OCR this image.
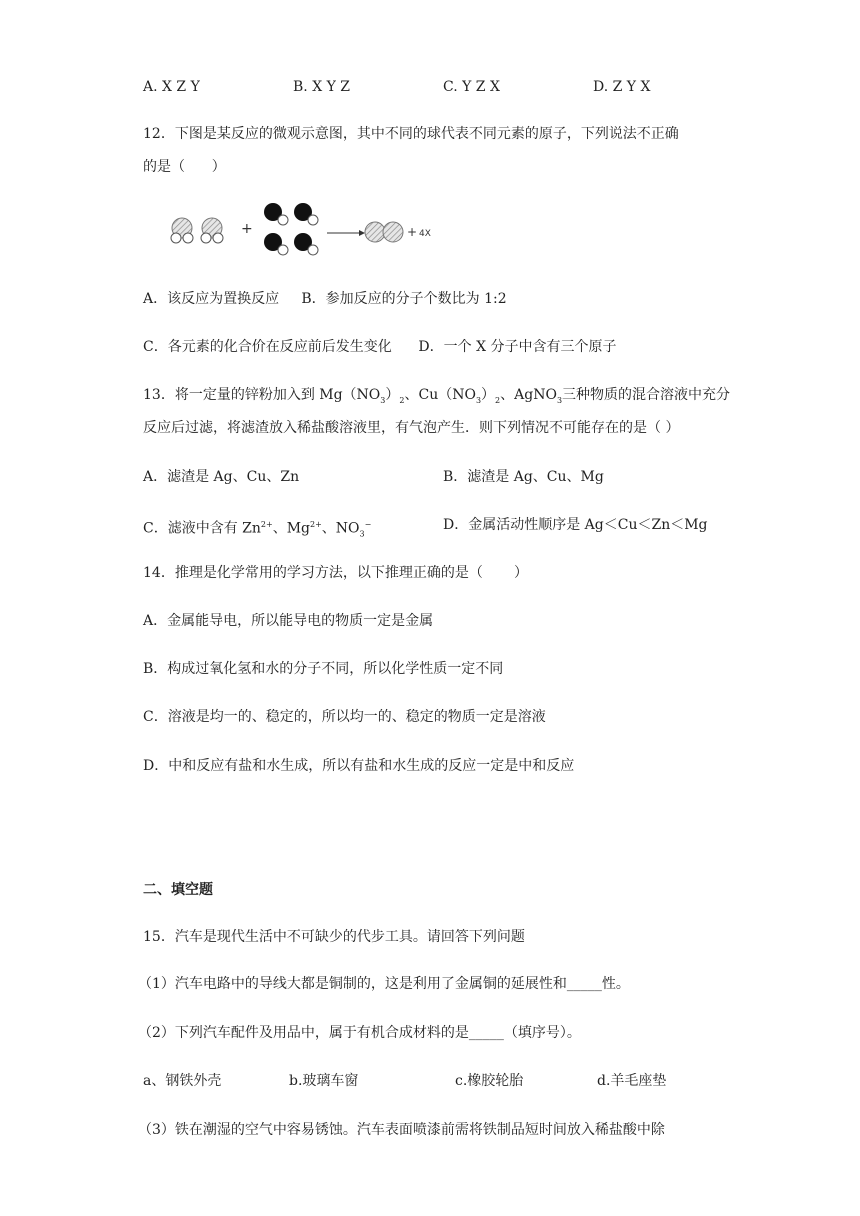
A. X Z Y	B. X Y Z	C. Y Z X	D. Z Y X
12．下图是某反应的微观示意图，其中不同的球代表不同元素的原子，下列说法不正确
的是（      ）
+	+ 4X
A．该反应为置换反应     B．参加反应的分子个数比为 1:2
C．各元素的化合价在反应前后发生变化      D．一个 X 分子中含有三个原子
13．将一定量的锌粉加入到 $Mg(NO_3)_2$、$Cu(NO_3)_2$、AgNO$_3$三种物质的混合溶液中充分
反应后过滤，将滤渣放入稀盐酸溶液里，有气泡产生．则下列情况不可能存在的是（ ）
A．滤渣是 Ag、Cu、Zn	B．滤渣是 Ag、Cu、Mg
C．滤液中含有 $Zn^{2+}$、$Mg^{2+}$、$NO_3^-$	D．金属活动性顺序是 Ag＜Cu＜Zn＜Mg
14．推理是化学常用的学习方法，以下推理正确的是（       ）
A．金属能导电，所以能导电的物质一定是金属
B．构成过氧化氢和水的分子不同，所以化学性质一定不同
C．溶液是均一的、稳定的，所以均一的、稳定的物质一定是溶液
D．中和反应有盐和水生成，所以有盐和水生成的反应一定是中和反应
二、填空题
15．汽车是现代生活中不可缺少的代步工具。请回答下列问题
（1）汽车电路中的导线大都是铜制的，这是利用了金属铜的延展性和_____性。
（2）下列汽车配件及用品中，属于有机合成材料的是_____（填序号）。
a、钢铁外壳	b.玻璃车窗	c.橡胶轮胎	d.羊毛座垫
（3）铁在潮湿的空气中容易锈蚀。汽车表面喷漆前需将铁制品短时间放入稀盐酸中除
